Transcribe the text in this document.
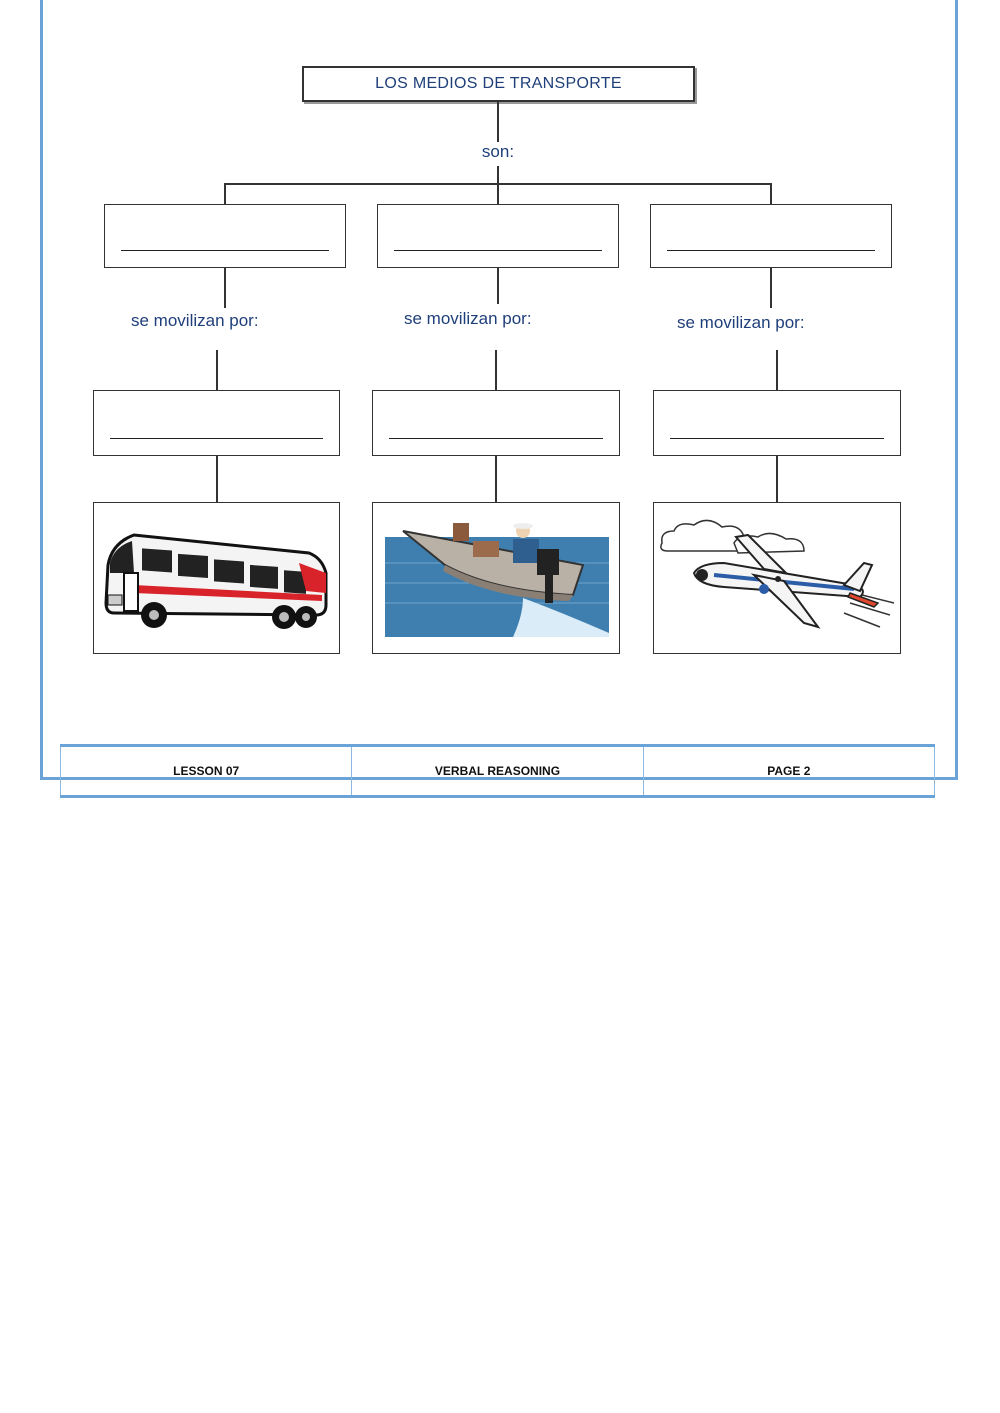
LOS MEDIOS DE TRANSPORTE
son:
se movilizan por:	se movilizan por:	se movilizan por:
LESSON 07	VERBAL REASONING	PAGE 2
